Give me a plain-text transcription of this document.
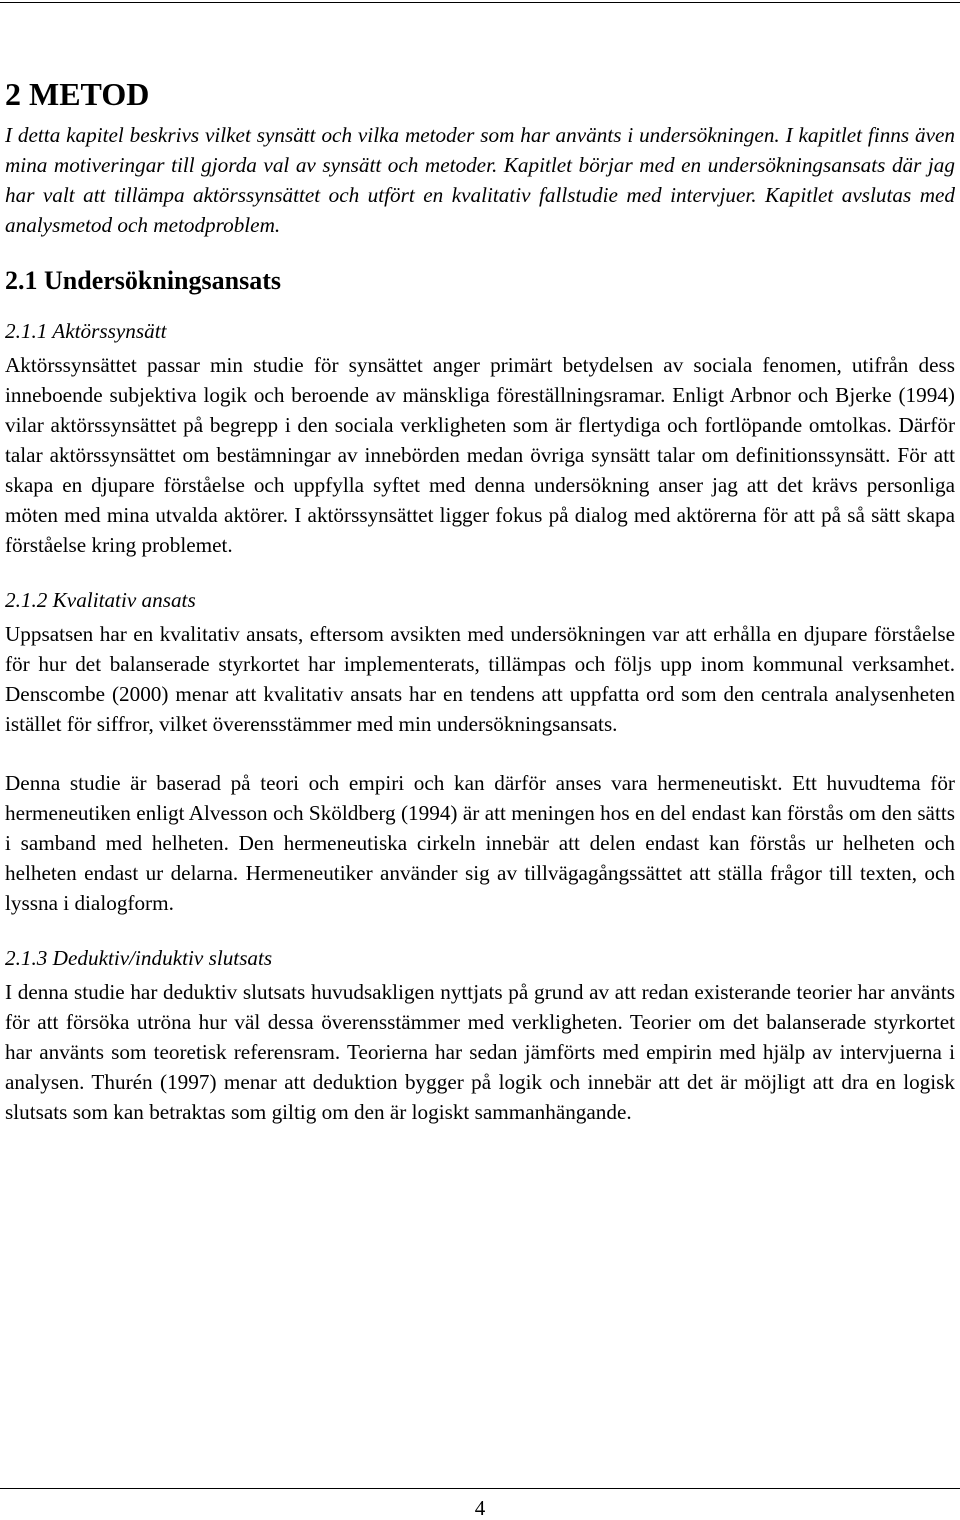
2 METOD

I detta kapitel beskrivs vilket synsätt och vilka metoder som har använts i undersökningen. I kapitlet finns även mina motiveringar till gjorda val av synsätt och metoder. Kapitlet börjar med en undersökningsansats där jag har valt att tillämpa aktörssynsättet och utfört en kvalitativ fallstudie med intervjuer. Kapitlet avslutas med analysmetod och metodproblem.

2.1 Undersökningsansats
2.1.1 Aktörssynsätt

Aktörssynsättet passar min studie för synsättet anger primärt betydelsen av sociala fenomen, utifrån dess inneboende subjektiva logik och beroende av mänskliga föreställningsramar. Enligt Arbnor och Bjerke (1994) vilar aktörssynsättet på begrepp i den sociala verkligheten som är flertydiga och fortlöpande omtolkas. Därför talar aktörssynsättet om bestämningar av innebörden medan övriga synsätt talar om definitionssynsätt. För att skapa en djupare förståelse och uppfylla syftet med denna undersökning anser jag att det krävs personliga möten med mina utvalda aktörer. I aktörssynsättet ligger fokus på dialog med aktörerna för att på så sätt skapa förståelse kring problemet.

2.1.2 Kvalitativ ansats

Uppsatsen har en kvalitativ ansats, eftersom avsikten med undersökningen var att erhålla en djupare förståelse för hur det balanserade styrkortet har implementerats, tillämpas och följs upp inom kommunal verksamhet. Denscombe (2000) menar att kvalitativ ansats har en tendens att uppfatta ord som den centrala analysenheten istället för siffror, vilket överensstämmer med min undersökningsansats.

Denna studie är baserad på teori och empiri och kan därför anses vara hermeneutiskt. Ett huvudtema för hermeneutiken enligt Alvesson och Sköldberg (1994) är att meningen hos en del endast kan förstås om den sätts i samband med helheten. Den hermeneutiska cirkeln innebär att delen endast kan förstås ur helheten och helheten endast ur delarna. Hermeneutiker använder sig av tillvägagångssättet att ställa frågor till texten, och lyssna i dialogform.

2.1.3 Deduktiv/induktiv slutsats

I denna studie har deduktiv slutsats huvudsakligen nyttjats på grund av att redan existerande teorier har använts för att försöka utröna hur väl dessa överensstämmer med verkligheten. Teorier om det balanserade styrkortet har använts som teoretisk referensram. Teorierna har sedan jämförts med empirin med hjälp av intervjuerna i analysen. Thurén (1997) menar att deduktion bygger på logik och innebär att det är möjligt att dra en logisk slutsats som kan betraktas som giltig om den är logiskt sammanhängande.

4
